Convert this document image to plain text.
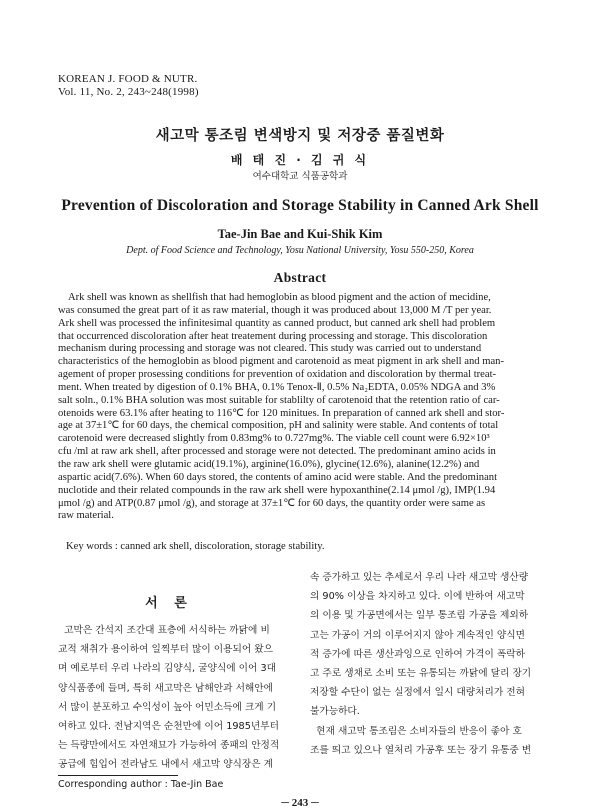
KOREAN J. FOOD & NUTR.
Vol. 11, No. 2, 243~248(1998)
새고막 통조림 변색방지 및 저장중 품질변화
배 태 진 · 김 귀 식
여수대학교 식품공학과
Prevention of Discoloration and Storage Stability in Canned Ark Shell
Tae-Jin Bae and Kui-Shik Kim
Dept. of Food Science and Technology, Yosu National University, Yosu 550-250, Korea
Abstract
Ark shell was known as shellfish that had hemoglobin as blood pigment and the action of mecidine,
was consumed the great part of it as raw material, though it was produced about 13,000 M /T per year.
Ark shell was processed the infinitesimal quantity as canned product, but canned ark shell had problem
that occurrenced discoloration after heat treatement during processing and storage. This discoloration
mechanism during processing and storage was not cleared. This study was carried out to understand
characteristics of the hemoglobin as blood pigment and carotenoid as meat pigment in ark shell and man-
agement of proper prosessing conditions for prevention of oxidation and discoloration by thermal treat-
ment. When treated by digestion of 0.1% BHA, 0.1% Tenox-Ⅱ, 0.5% Na₂EDTA, 0.05% NDGA and 3%
salt soln., 0.1% BHA solution was most suitable for stablilty of carotenoid that the retention ratio of car-
otenoids were 63.1% after heating to 116℃ for 120 minitues. In preparation of canned ark shell and stor-
age at 37±1℃ for 60 days, the chemical composition, pH and salinity were stable. And contents of total
carotenoid were decreased slightly from 0.83mg% to 0.727mg%. The viable cell count were 6.92×10³
cfu /ml at raw ark shell, after processed and storage were not detected. The predominant amino acids in
the raw ark shell were glutamic acid(19.1%), arginine(16.0%), glycine(12.6%), alanine(12.2%) and
aspartic acid(7.6%). When 60 days stored, the contents of amino acid were stable. And the predominant
nuclotide and their related compounds in the raw ark shell were hypoxanthine(2.14 μmol /g), IMP(1.94
μmol /g) and ATP(0.87 μmol /g), and storage at 37±1℃ for 60 days, the quantity order were same as
raw material.
Key words : canned ark shell, discoloration, storage stability.
서 론
고막은 간석지 조간대 표층에 서식하는 까닭에 비
교적 채취가 용이하여 일찍부터 많이 이용되어 왔으
며 예로부터 우리 나라의 김양식, 굴양식에 이어 3대
양식품종에 들며, 특히 새고막은 남해안과 서해안에
서 많이 분포하고 수익성이 높아 어민소득에 크게 기
여하고 있다. 전남지역은 순천만에 이어 1985년부터
는 득량만에서도 자연채묘가 가능하여 종패의 안정적
공급에 힘입어 전라남도 내에서 새고막 양식장은 계
속 증가하고 있는 추세로서 우리 나라 새고막 생산량
의 90% 이상을 차지하고 있다. 이에 반하여 새고막
의 이용 및 가공면에서는 일부 통조림 가공을 제외하
고는 가공이 거의 이루어지지 않아 계속적인 양식면
적 증가에 따른 생산과잉으로 인하여 가격이 폭락하
고 주로 생채로 소비 또는 유통되는 까닭에 달리 장기
저장할 수단이 없는 실정에서 일시 대량처리가 전혀
불가능하다.
현재 새고막 통조림은 소비자들의 반응이 좋아 호
조를 띄고 있으나 열처리 가공후 또는 장기 유통중 변
Corresponding author : Tae-Jin Bae
─ 243 ─
